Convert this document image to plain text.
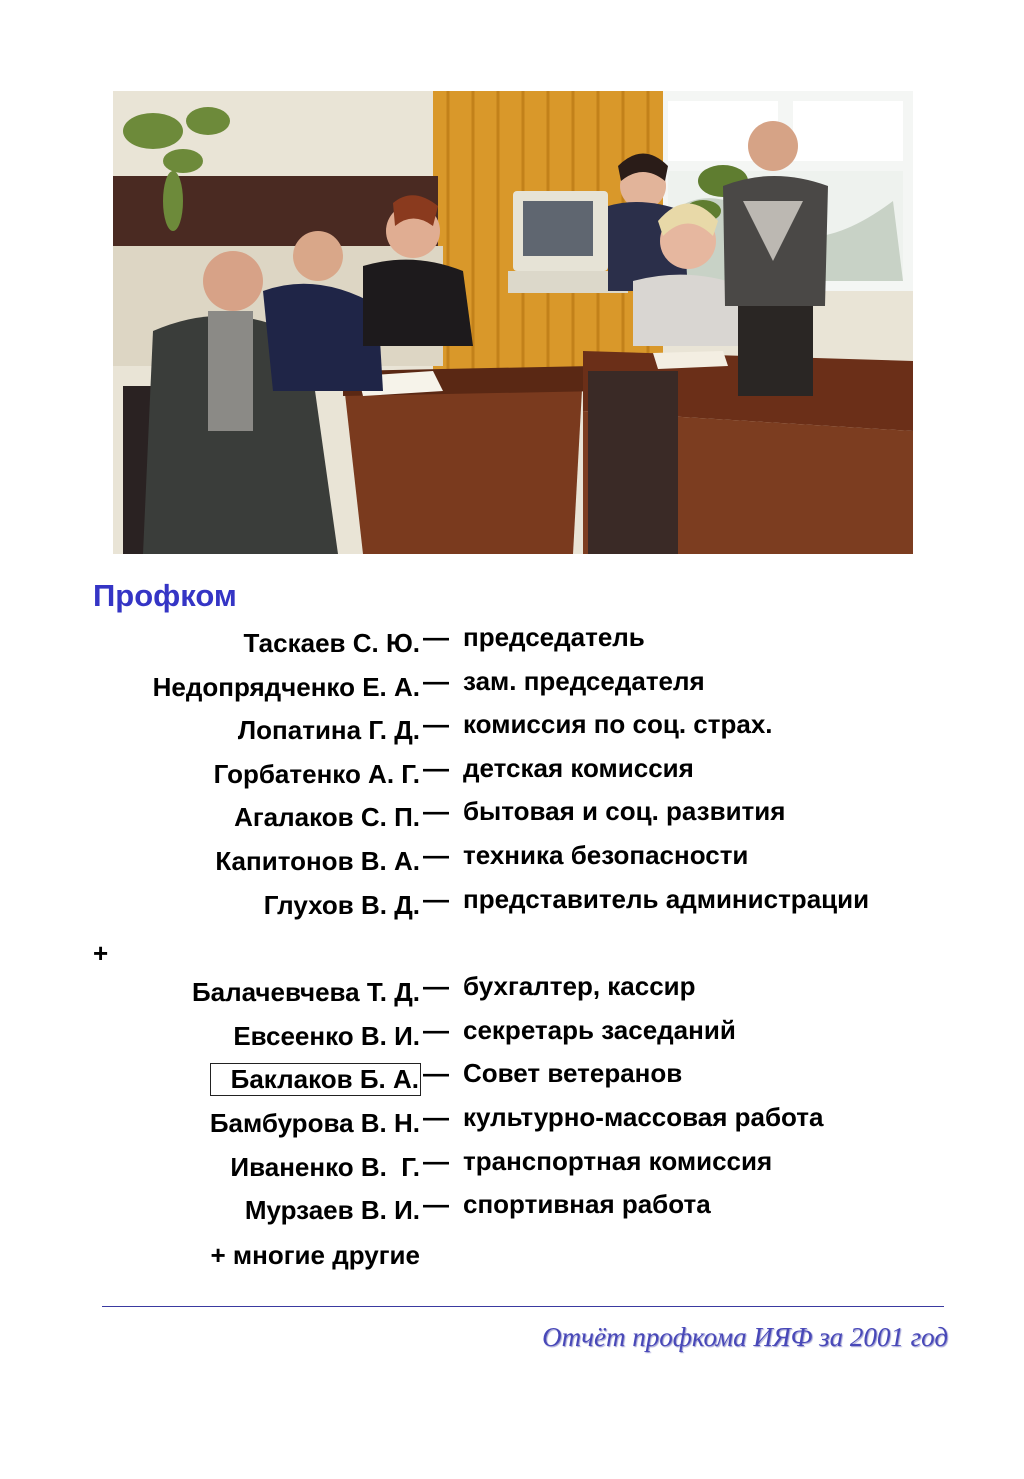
Профком
Таскаев С. Ю. — председатель
Недопрядченко Е. А. — зам. председателя
Лопатина Г. Д. — комиссия по соц. страх.
Горбатенко А. Г. — детская комиссия
Агалаков С. П. — бытовая и соц. развития
Капитонов В. А. — техника безопасности
Глухов В. Д. — представитель администрации
+
Балачевчева Т. Д. — бухгалтер, кассир
Евсеенко В. И. — секретарь заседаний
Баклаков Б. А. — Совет ветеранов
Бамбурова В. Н. — культурно-массовая работа
Иваненко В.  Г. — транспортная комиссия
Мурзаев В. И. — спортивная работа
+ многие другие
Отчёт профкома ИЯФ за 2001 год
